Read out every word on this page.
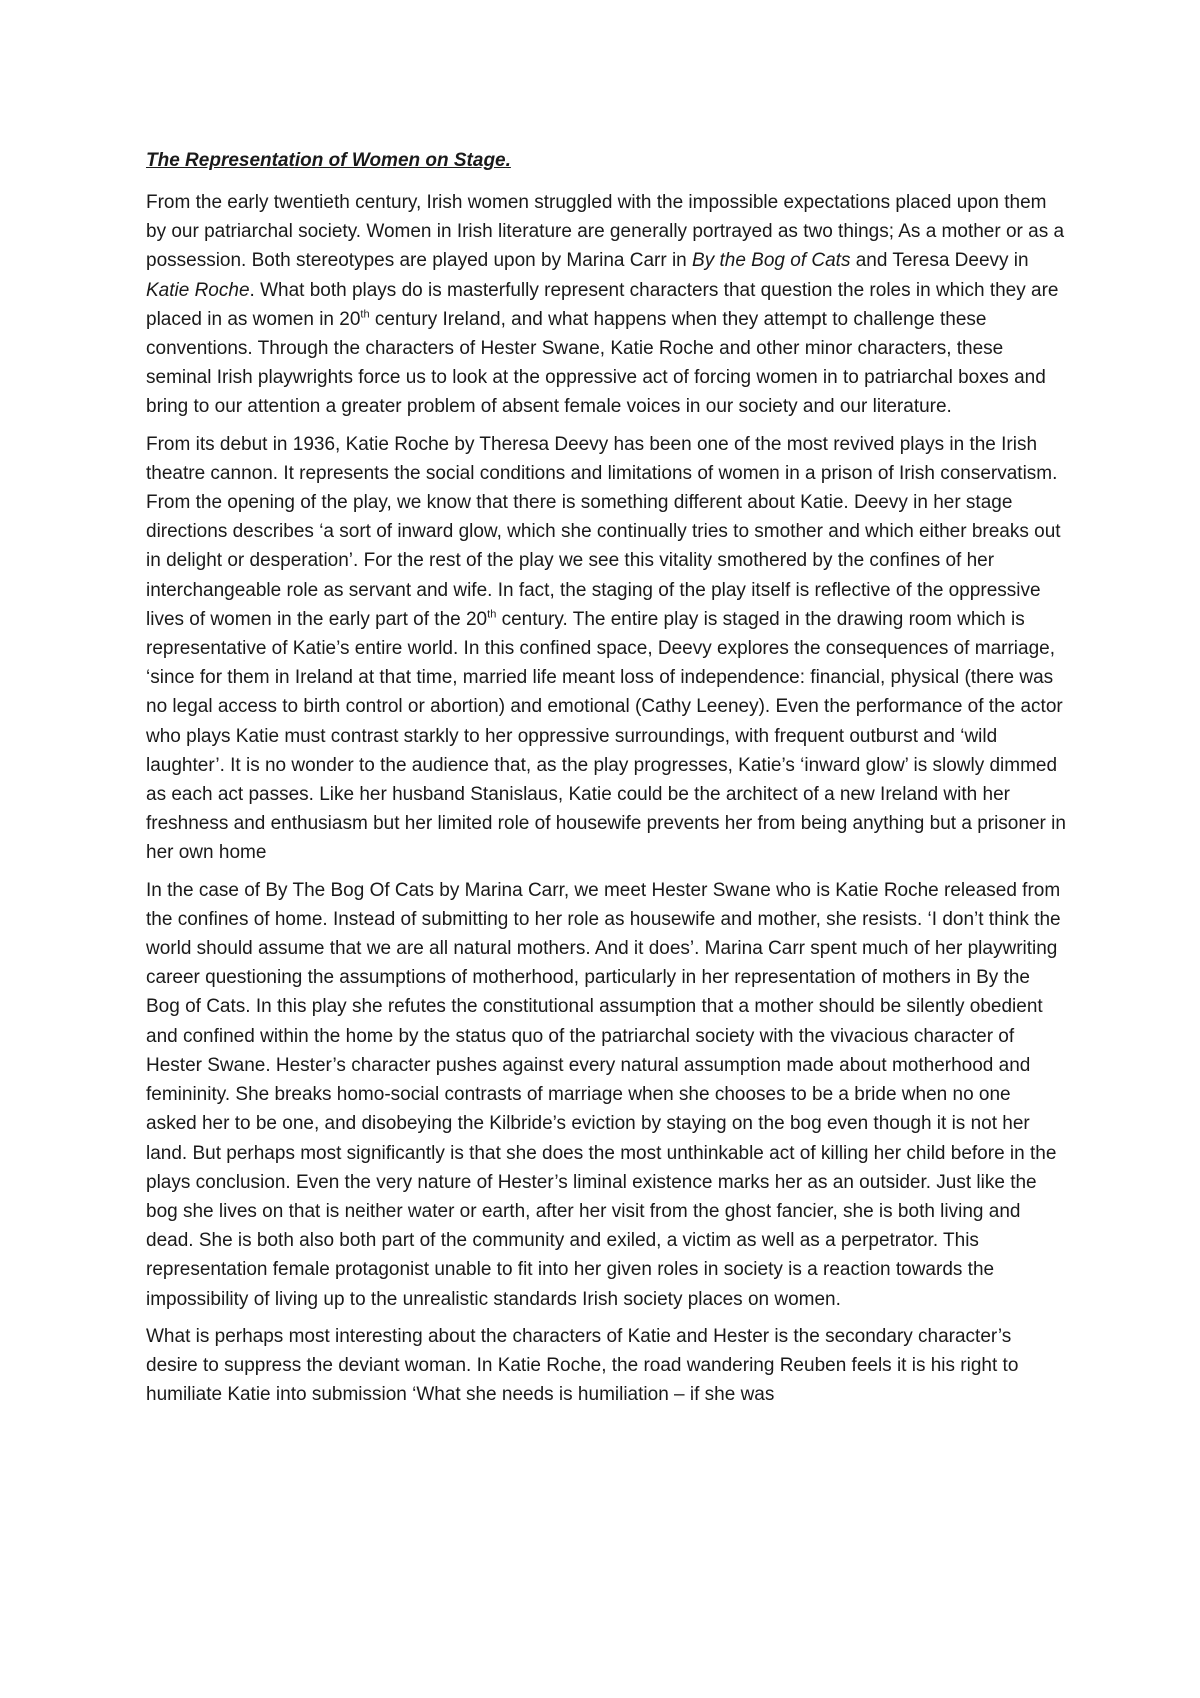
The Representation of Women on Stage.

From the early twentieth century, Irish women struggled with the impossible expectations placed upon them by our patriarchal society. Women in Irish literature are generally portrayed as two things; As a mother or as a possession. Both stereotypes are played upon by Marina Carr in By the Bog of Cats and Teresa Deevy in Katie Roche. What both plays do is masterfully represent characters that question the roles in which they are placed in as women in 20th century Ireland, and what happens when they attempt to challenge these conventions. Through the characters of Hester Swane, Katie Roche and other minor characters, these seminal Irish playwrights force us to look at the oppressive act of forcing women in to patriarchal boxes and bring to our attention a greater problem of absent female voices in our society and our literature.

From its debut in 1936, Katie Roche by Theresa Deevy has been one of the most revived plays in the Irish theatre cannon. It represents the social conditions and limitations of women in a prison of Irish conservatism. From the opening of the play, we know that there is something different about Katie. Deevy in her stage directions describes ‘a sort of inward glow, which she continually tries to smother and which either breaks out in delight or desperation’. For the rest of the play we see this vitality smothered by the confines of her interchangeable role as servant and wife. In fact, the staging of the play itself is reflective of the oppressive lives of women in the early part of the 20th century. The entire play is staged in the drawing room which is representative of Katie’s entire world. In this confined space, Deevy explores the consequences of marriage, ‘since for them in Ireland at that time, married life meant loss of independence: financial, physical (there was no legal access to birth control or abortion) and emotional (Cathy Leeney). Even the performance of the actor who plays Katie must contrast starkly to her oppressive surroundings, with frequent outburst and ‘wild laughter’. It is no wonder to the audience that, as the play progresses, Katie’s ‘inward glow’ is slowly dimmed as each act passes. Like her husband Stanislaus, Katie could be the architect of a new Ireland with her freshness and enthusiasm but her limited role of housewife prevents her from being anything but a prisoner in her own home

In the case of By The Bog Of Cats by Marina Carr, we meet Hester Swane who is Katie Roche released from the confines of home. Instead of submitting to her role as housewife and mother, she resists. ‘I don’t think the world should assume that we are all natural mothers. And it does’. Marina Carr spent much of her playwriting career questioning the assumptions of motherhood, particularly in her representation of mothers in By the Bog of Cats. In this play she refutes the constitutional assumption that a mother should be silently obedient and confined within the home by the status quo of the patriarchal society with the vivacious character of Hester Swane. Hester’s character pushes against every natural assumption made about motherhood and femininity. She breaks homo-social contrasts of marriage when she chooses to be a bride when no one asked her to be one, and disobeying the Kilbride’s eviction by staying on the bog even though it is not her land. But perhaps most significantly is that she does the most unthinkable act of killing her child before in the plays conclusion. Even the very nature of Hester’s liminal existence marks her as an outsider. Just like the bog she lives on that is neither water or earth, after her visit from the ghost fancier, she is both living and dead. She is both also both part of the community and exiled, a victim as well as a perpetrator. This representation female protagonist unable to fit into her given roles in society is a reaction towards the impossibility of living up to the unrealistic standards Irish society places on women.

What is perhaps most interesting about the characters of Katie and Hester is the secondary character’s desire to suppress the deviant woman. In Katie Roche, the road wandering Reuben feels it is his right to humiliate Katie into submission ‘What she needs is humiliation – if she was
